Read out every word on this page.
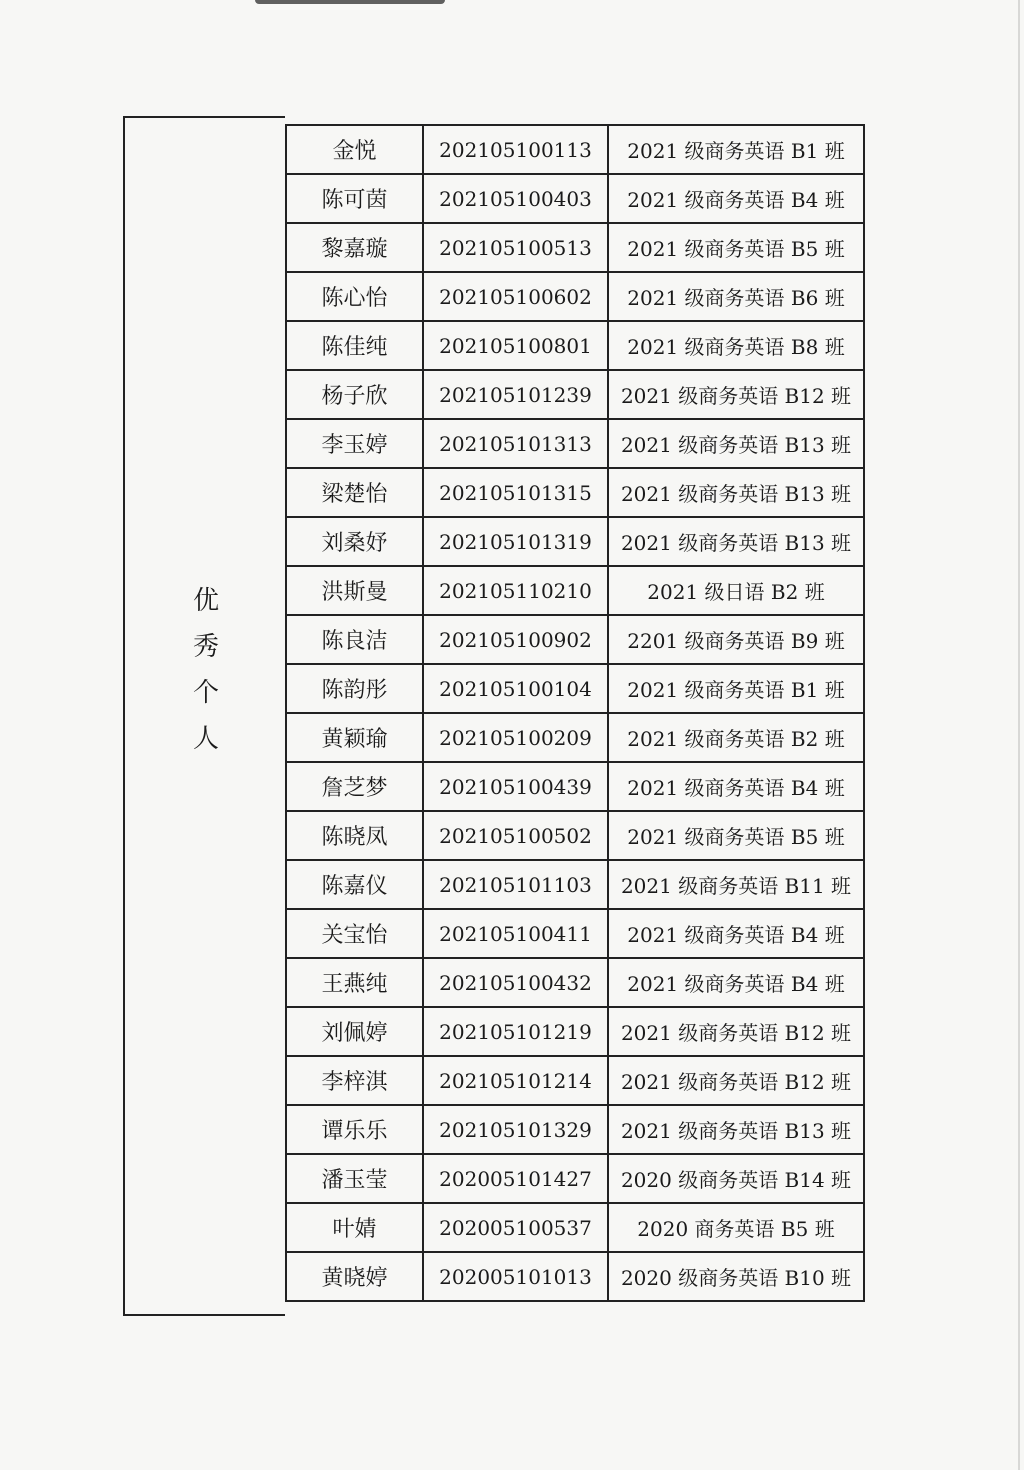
优
秀
个
人
金悦	202105100113	2021 级商务英语 B1 班
陈可茵	202105100403	2021 级商务英语 B4 班
黎嘉璇	202105100513	2021 级商务英语 B5 班
陈心怡	202105100602	2021 级商务英语 B6 班
陈佳纯	202105100801	2021 级商务英语 B8 班
杨子欣	202105101239	2021 级商务英语 B12 班
李玉婷	202105101313	2021 级商务英语 B13 班
梁楚怡	202105101315	2021 级商务英语 B13 班
刘桑妤	202105101319	2021 级商务英语 B13 班
洪斯曼	202105110210	2021 级日语 B2 班
陈良洁	202105100902	2201 级商务英语 B9 班
陈韵彤	202105100104	2021 级商务英语 B1 班
黄颖瑜	202105100209	2021 级商务英语 B2 班
詹芝梦	202105100439	2021 级商务英语 B4 班
陈晓凤	202105100502	2021 级商务英语 B5 班
陈嘉仪	202105101103	2021 级商务英语 B11 班
关宝怡	202105100411	2021 级商务英语 B4 班
王燕纯	202105100432	2021 级商务英语 B4 班
刘佩婷	202105101219	2021 级商务英语 B12 班
李梓淇	202105101214	2021 级商务英语 B12 班
谭乐乐	202105101329	2021 级商务英语 B13 班
潘玉莹	202005101427	2020 级商务英语 B14 班
叶婧	202005100537	2020 商务英语 B5 班
黄晓婷	202005101013	2020 级商务英语 B10 班
